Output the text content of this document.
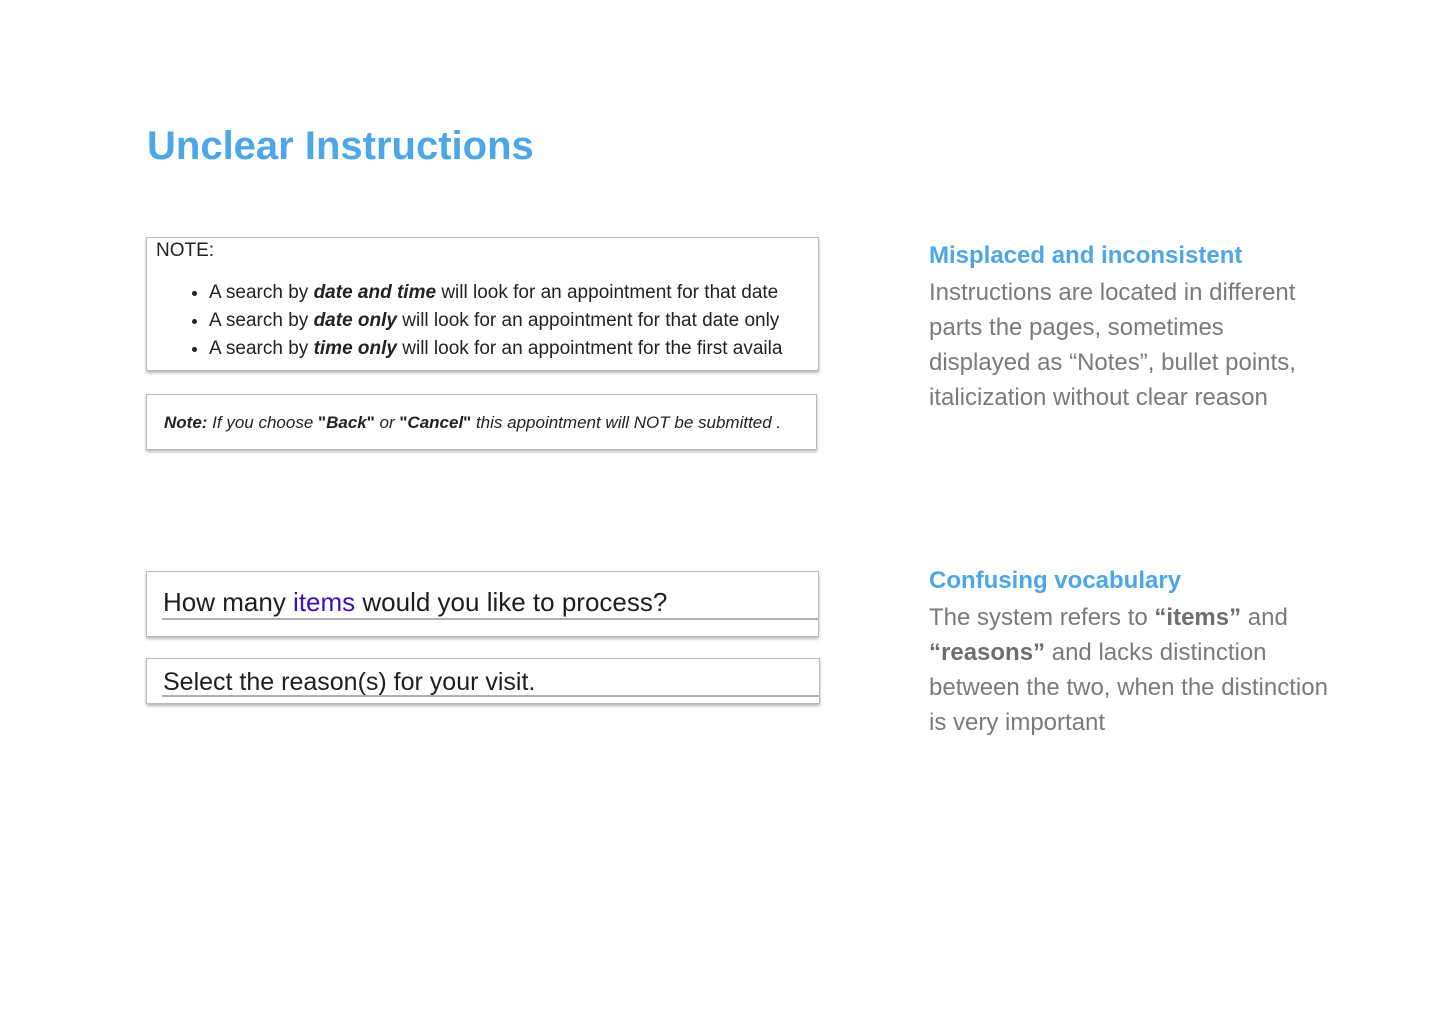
Unclear Instructions
NOTE:
• A search by date and time will look for an appointment for that date
• A search by date only will look for an appointment for that date only
• A search by time only will look for an appointment for the first availa
Note: If you choose "Back" or "Cancel" this appointment will NOT be submitted .
How many items would you like to process?
Select the reason(s) for your visit.
Misplaced and inconsistent

Instructions are located in different parts the pages, sometimes displayed as “Notes”, bullet points, italicization without clear reason

Confusing vocabulary

The system refers to “items” and “reasons” and lacks distinction between the two, when the distinction is very important
